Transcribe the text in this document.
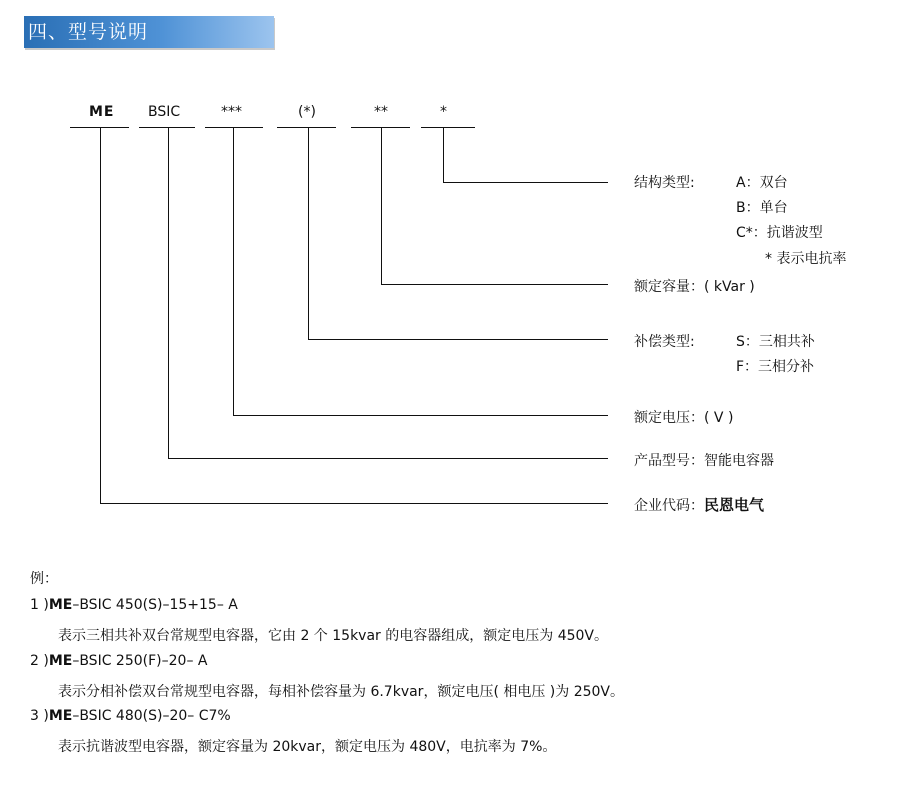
四、型号说明
ME BSIC	***	(*)	**	*
结构类型:	A：双台
B：单台
C*：抗谐波型
* 表示电抗率
额定容量：( kVar )
补偿类型:	S：三相共补
F：三相分补
额定电压：( V )
产品型号：智能电容器
企业代码：民恩电气
例：
1 )ME–BSIC 450(S)–15+15– A
表示三相共补双台常规型电容器，它由 2 个 15kvar 的电容器组成，额定电压为 450V。
2 )ME–BSIC 250(F)–20– A
表示分相补偿双台常规型电容器，每相补偿容量为 6.7kvar，额定电压( 相电压 )为 250V。
3 )ME–BSIC 480(S)–20– C7%
表示抗谐波型电容器，额定容量为 20kvar，额定电压为 480V，电抗率为 7%。
